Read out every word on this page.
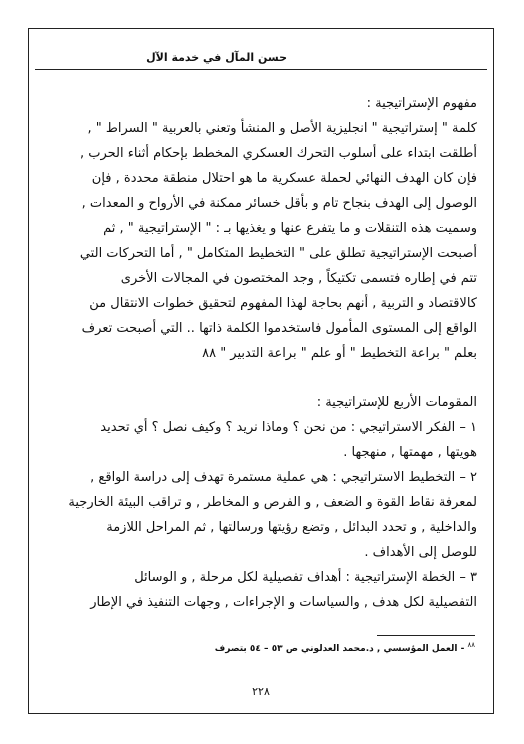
حسن المآل في خدمة الآل
مفهوم الإستراتيجية :
كلمة " إستراتيجية " انجليزية الأصل و المنشأ وتعني بالعربية " السراط " ,
أطلقت ابتداء على أسلوب التحرك العسكري المخطط بإحكام أثناء الحرب ,
فإن كان الهدف النهائي لحملة عسكرية ما هو احتلال منطقة محددة , فإن
الوصول إلى الهدف بنجاح تام و بأقل خسائر ممكنة في الأرواح و المعدات ,
وسميت هذه التنقلات و ما يتفرع عنها و يغذيها بـ : " الإستراتيجية " , ثم
أصبحت الإستراتيجية تطلق على " التخطيط المتكامل " , أما التحركات التي
تتم في إطاره فتسمى تكتيكاً , وجد المختصون في المجالات الأخرى
كالاقتصاد و التربية , أنهم بحاجة لهذا المفهوم لتحقيق خطوات الانتقال من
الواقع إلى المستوى المأمول فاستخدموا الكلمة ذاتها .. التي أصبحت تعرف
بعلم " براعة التخطيط " أو علم " براعة التدبير " ٨٨
المقومات الأربع للإستراتيجية :
١ – الفكر الاستراتيجي : من نحن ؟ وماذا نريد ؟ وكيف نصل ؟ أي تحديد
هويتها , مهمتها , منهجها .
٢ – التخطيط الاستراتيجي : هي عملية مستمرة تهدف إلى دراسة الواقع ,
لمعرفة نقاط القوة و الضعف , و الفرص و المخاطر , و تراقب البيئة الخارجية
والداخلية , و تحدد البدائل , وتضع رؤيتها ورسالتها , ثم المراحل اللازمة
للوصل إلى الأهداف .
٣ – الخطة الإستراتيجية : أهداف تفصيلية لكل مرحلة , و الوسائل
التفصيلية لكل هدف , والسياسات و الإجراءات , وجهات التنفيذ في الإطار
$^{٨٨}$ - العمل المؤسسي , د.محمد العدلوني ص ٥٣ – ٥٤ بتصرف
٢٢٨
